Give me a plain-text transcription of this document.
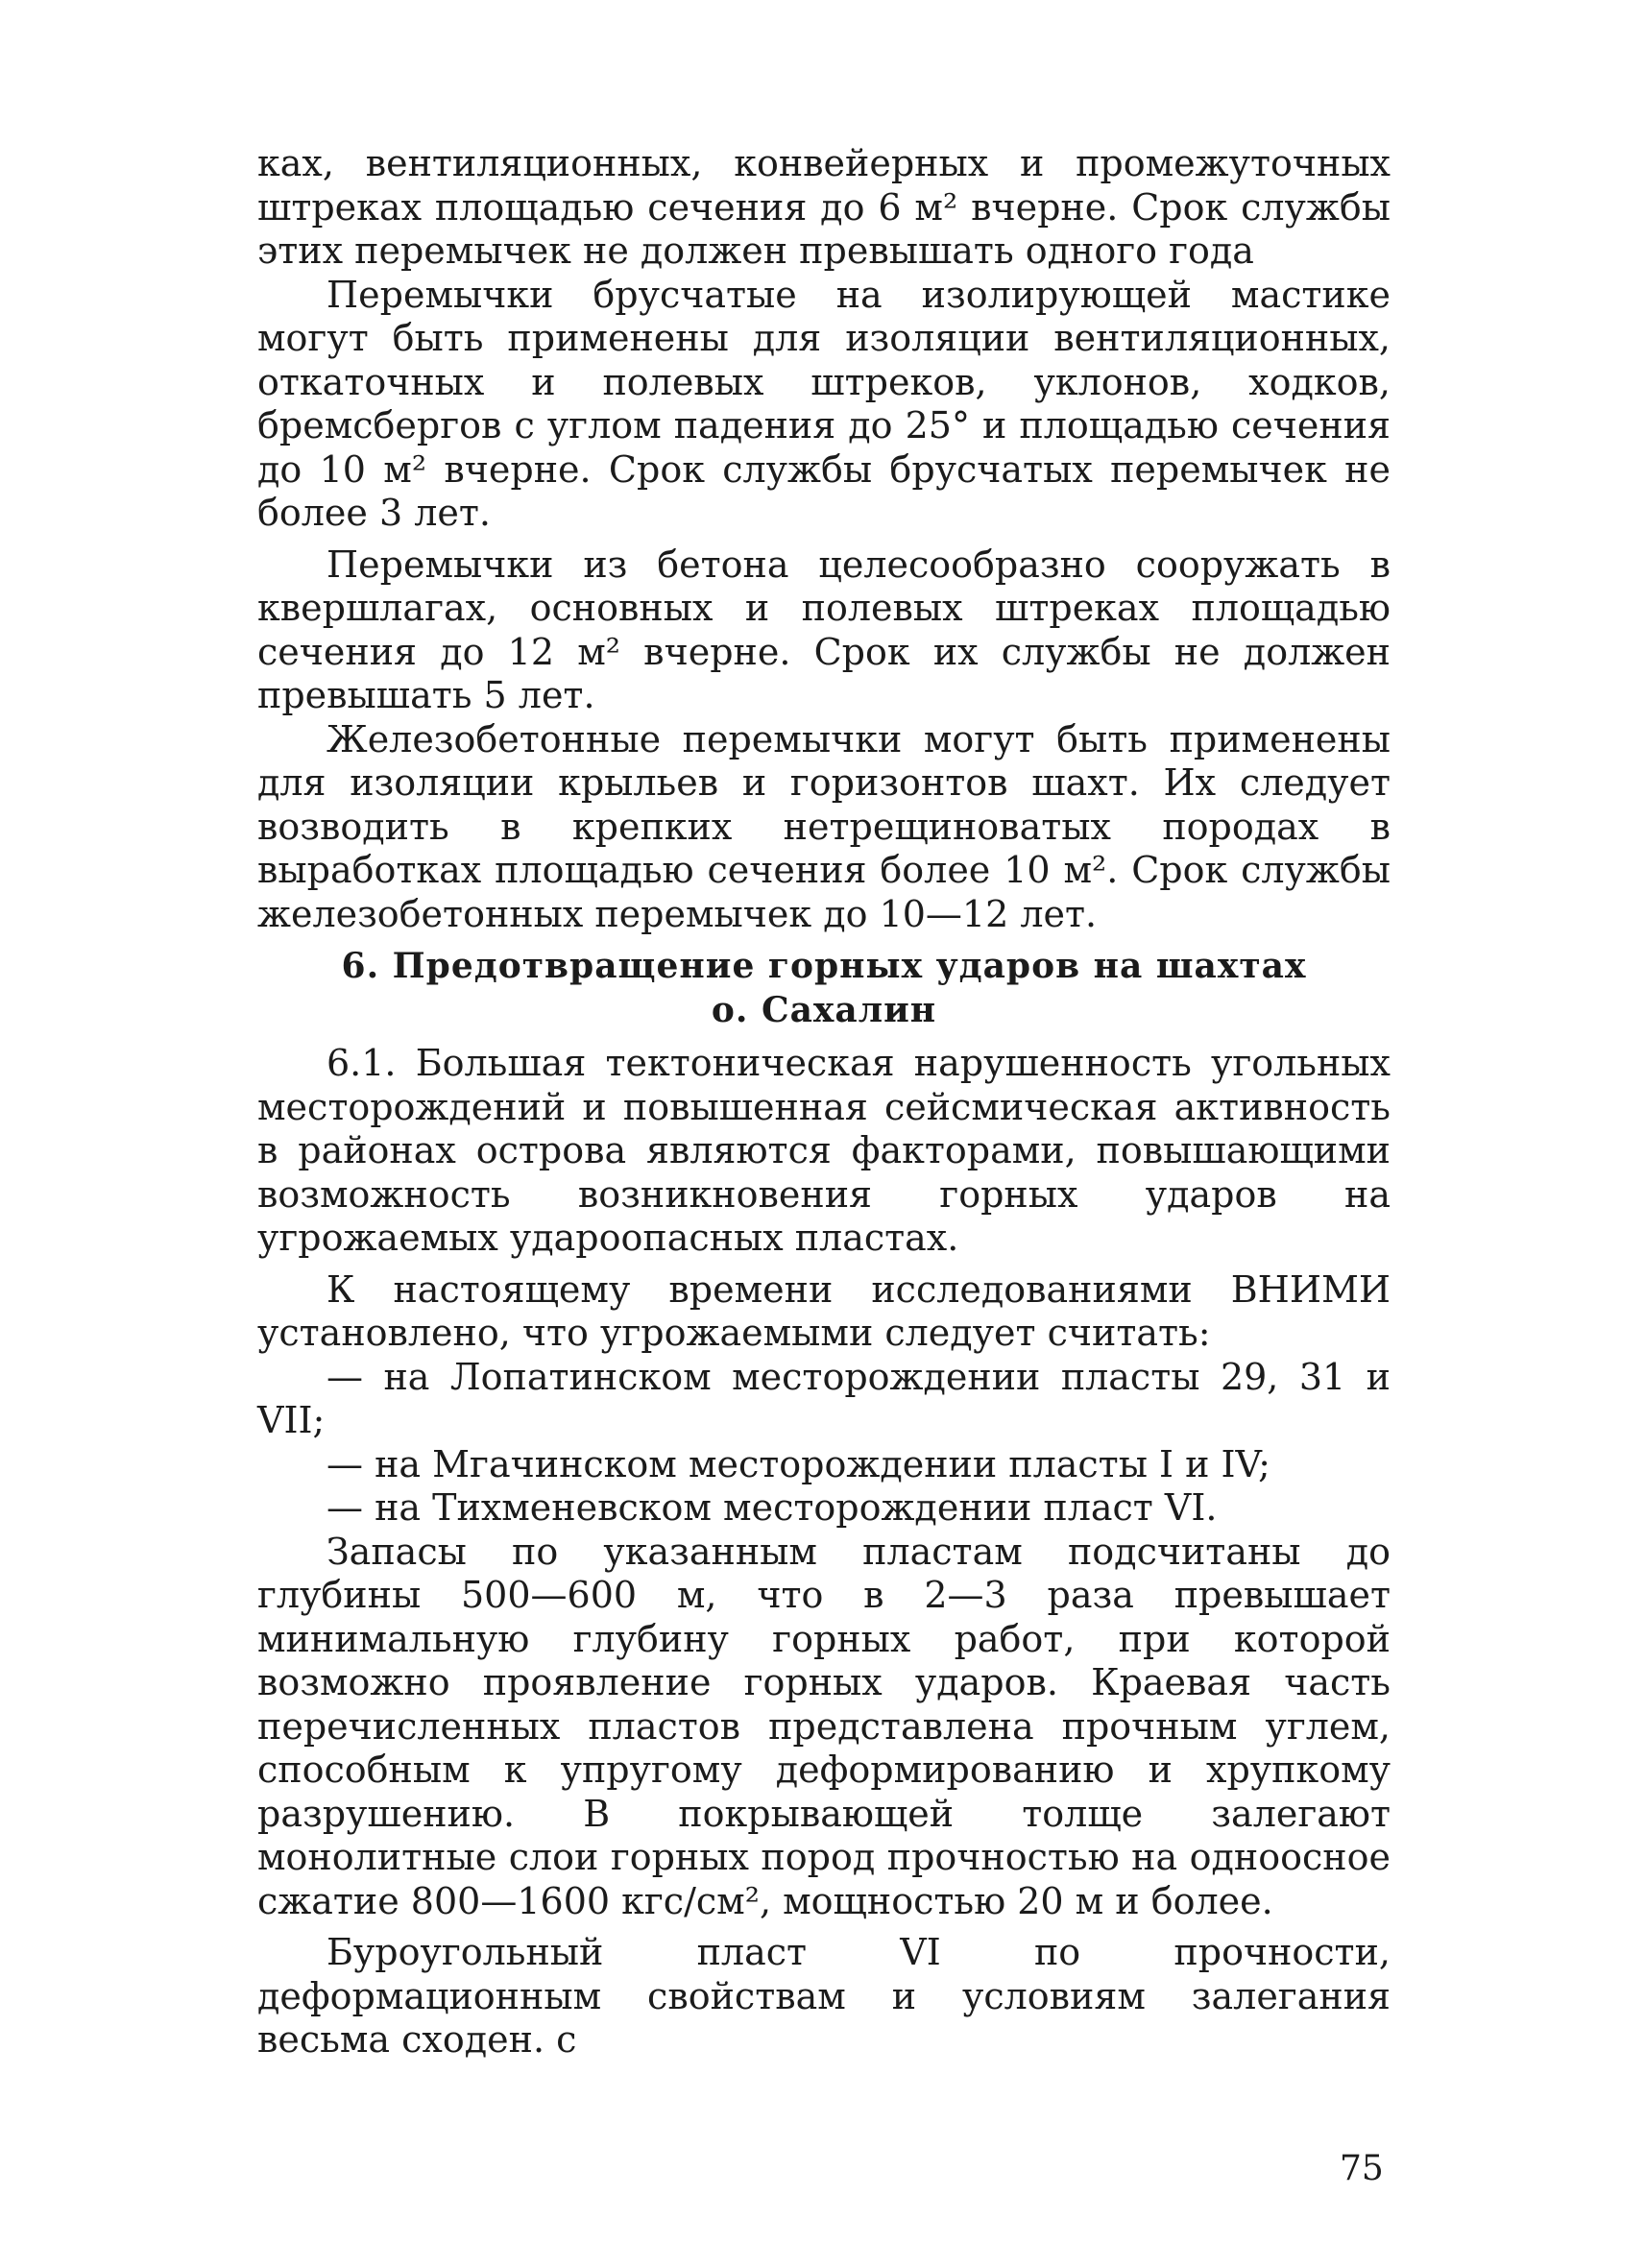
ках, вентиляционных, конвейерных и промежуточных штреках площадью сечения до 6 м² вчерне. Срок службы этих перемычек не должен превышать одного года

Перемычки брусчатые на изолирующей мастике могут быть применены для изоляции вентиляционных, откаточных и полевых штреков, уклонов, ходков, бремсбергов с углом падения до 25° и площадью сечения до 10 м² вчерне. Срок службы брусчатых перемычек не более 3 лет.

Перемычки из бетона целесообразно сооружать в квершлагах, основных и полевых штреках площадью сечения до 12 м² вчерне. Срок их службы не должен превышать 5 лет.

Железобетонные перемычки могут быть применены для изоляции крыльев и горизонтов шахт. Их следует возводить в крепких нетрещиноватых породах в выработках площадью сечения более 10 м². Срок службы железобетонных перемычек до 10—12 лет.

6. Предотвращение горных ударов на шахтах
о. Сахалин

6.1. Большая тектоническая нарушенность угольных месторождений и повышенная сейсмическая активность в районах острова являются факторами, повышающими возможность возникновения горных ударов на угрожаемых удароопасных пластах.

К настоящему времени исследованиями ВНИМИ установлено, что угрожаемыми следует считать:

— на Лопатинском месторождении пласты 29, 31 и VII;

— на Мгачинском месторождении пласты I и IV;

— на Тихменевском месторождении пласт VI.

Запасы по указанным пластам подсчитаны до глубины 500—600 м, что в 2—3 раза превышает минимальную глубину горных работ, при которой возможно проявление горных ударов. Краевая часть перечисленных пластов представлена прочным углем, способным к упругому деформированию и хрупкому разрушению. В покрывающей толще залегают монолитные слои горных пород прочностью на одноосное сжатие 800—1600 кгс/см², мощностью 20 м и более.

Буроугольный пласт VI по прочности, деформационным свойствам и условиям залегания весьма сходен. с

75
